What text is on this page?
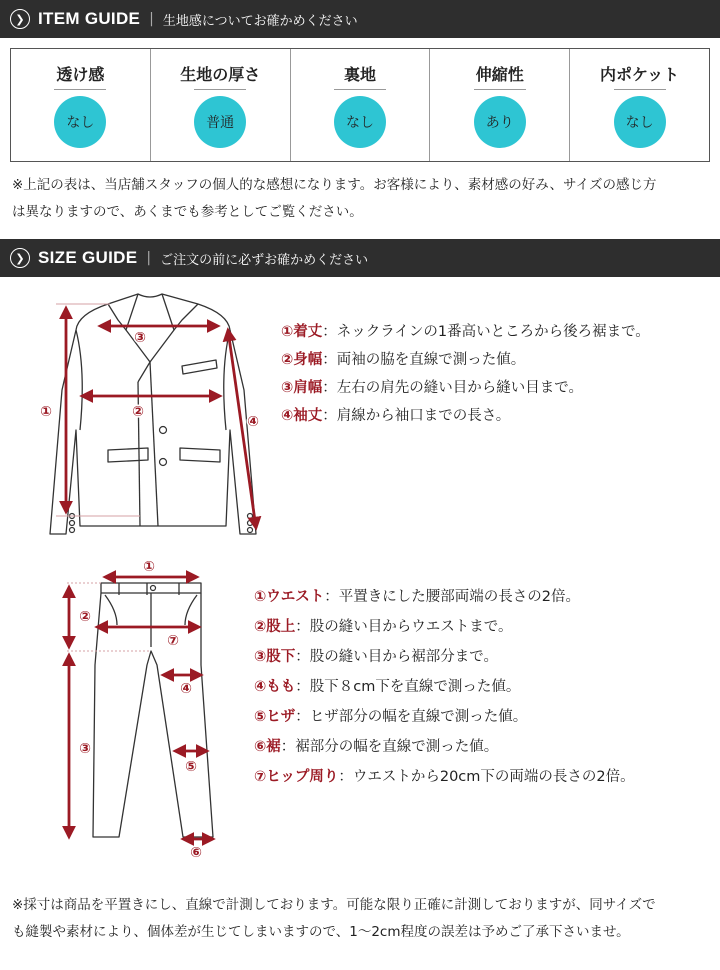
❯ ITEM GUIDE | 生地感についてお確かめください
透け感
なし
生地の厚さ
普通
裏地
なし
伸縮性
あり
内ポケット
なし
※上記の表は、当店舗スタッフの個人的な感想になります。お客様により、素材感の好み、サイズの感じ方
は異なりますので、あくまでも参考としてご覧ください。
❯ SIZE GUIDE | ご注文の前に必ずお確かめください
①	②
③
④
①着丈：ネックラインの1番高いところから後ろ裾まで。
②身幅：両袖の脇を直線で測った値。
③肩幅：左右の肩先の縫い目から縫い目まで。
④袖丈：肩線から袖口までの長さ。
①
②
③
④
⑤
⑥
⑦
①ウエスト：平置きにした腰部両端の長さの2倍。
②股上：股の縫い目からウエストまで。
③股下：股の縫い目から裾部分まで。
④もも：股下８cm下を直線で測った値。
⑤ヒザ：ヒザ部分の幅を直線で測った値。
⑥裾：裾部分の幅を直線で測った値。
⑦ヒップ周り：ウエストから20cm下の両端の長さの2倍。
※採寸は商品を平置きにし、直線で計測しております。可能な限り正確に計測しておりますが、同サイズで
も縫製や素材により、個体差が生じてしまいますので、1〜2cm程度の誤差は予めご了承下さいませ。
